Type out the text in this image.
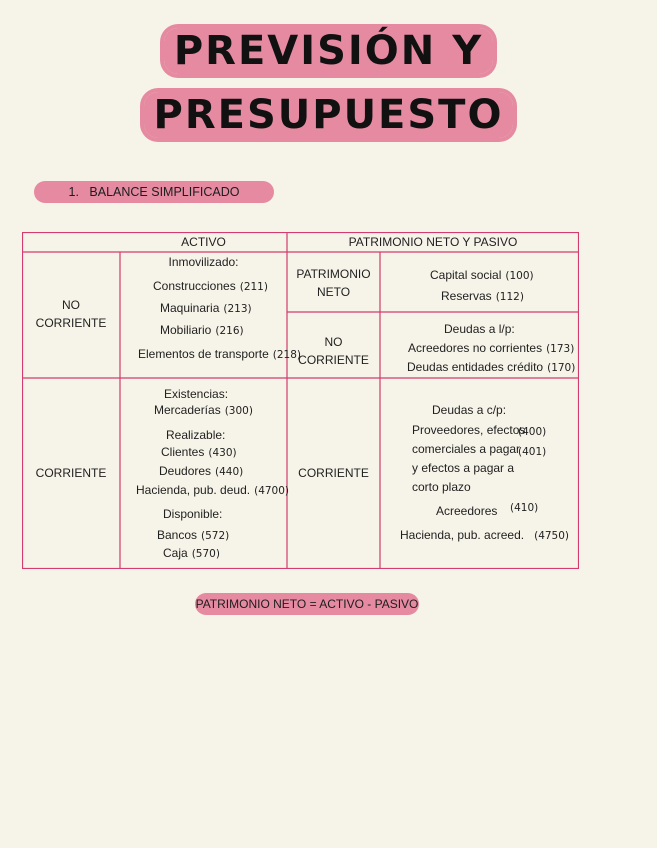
PREVISIÓN Y
PRESUPUESTO
1. BALANCE SIMPLIFICADO
ACTIVO	PATRIMONIO NETO Y PASIVO
NO
CORRIENTE
CORRIENTE
Inmovilizado:
Construcciones (211)
Maquinaria (213)
Mobiliario (216)
Elementos de transporte (218)
Existencias:
Mercaderías (300)
Realizable:
Clientes (430)
Deudores (440)
Hacienda, pub. deud. (4700)
Disponible:
Bancos (572)
Caja (570)
PATRIMONIO
NETO
NO
CORRIENTE
CORRIENTE
Capital social (100)
Reservas (112)
Deudas a l/p:
Acreedores no corrientes (173)
Deudas entidades crédito (170)
Deudas a c/p:
Proveedores, efectos
comerciales a pagar
y efectos a pagar a
corto plazo
(400)
(401)
Acreedores (410)
Hacienda, pub. acreed. (4750)
PATRIMONIO NETO = ACTIVO - PASIVO
